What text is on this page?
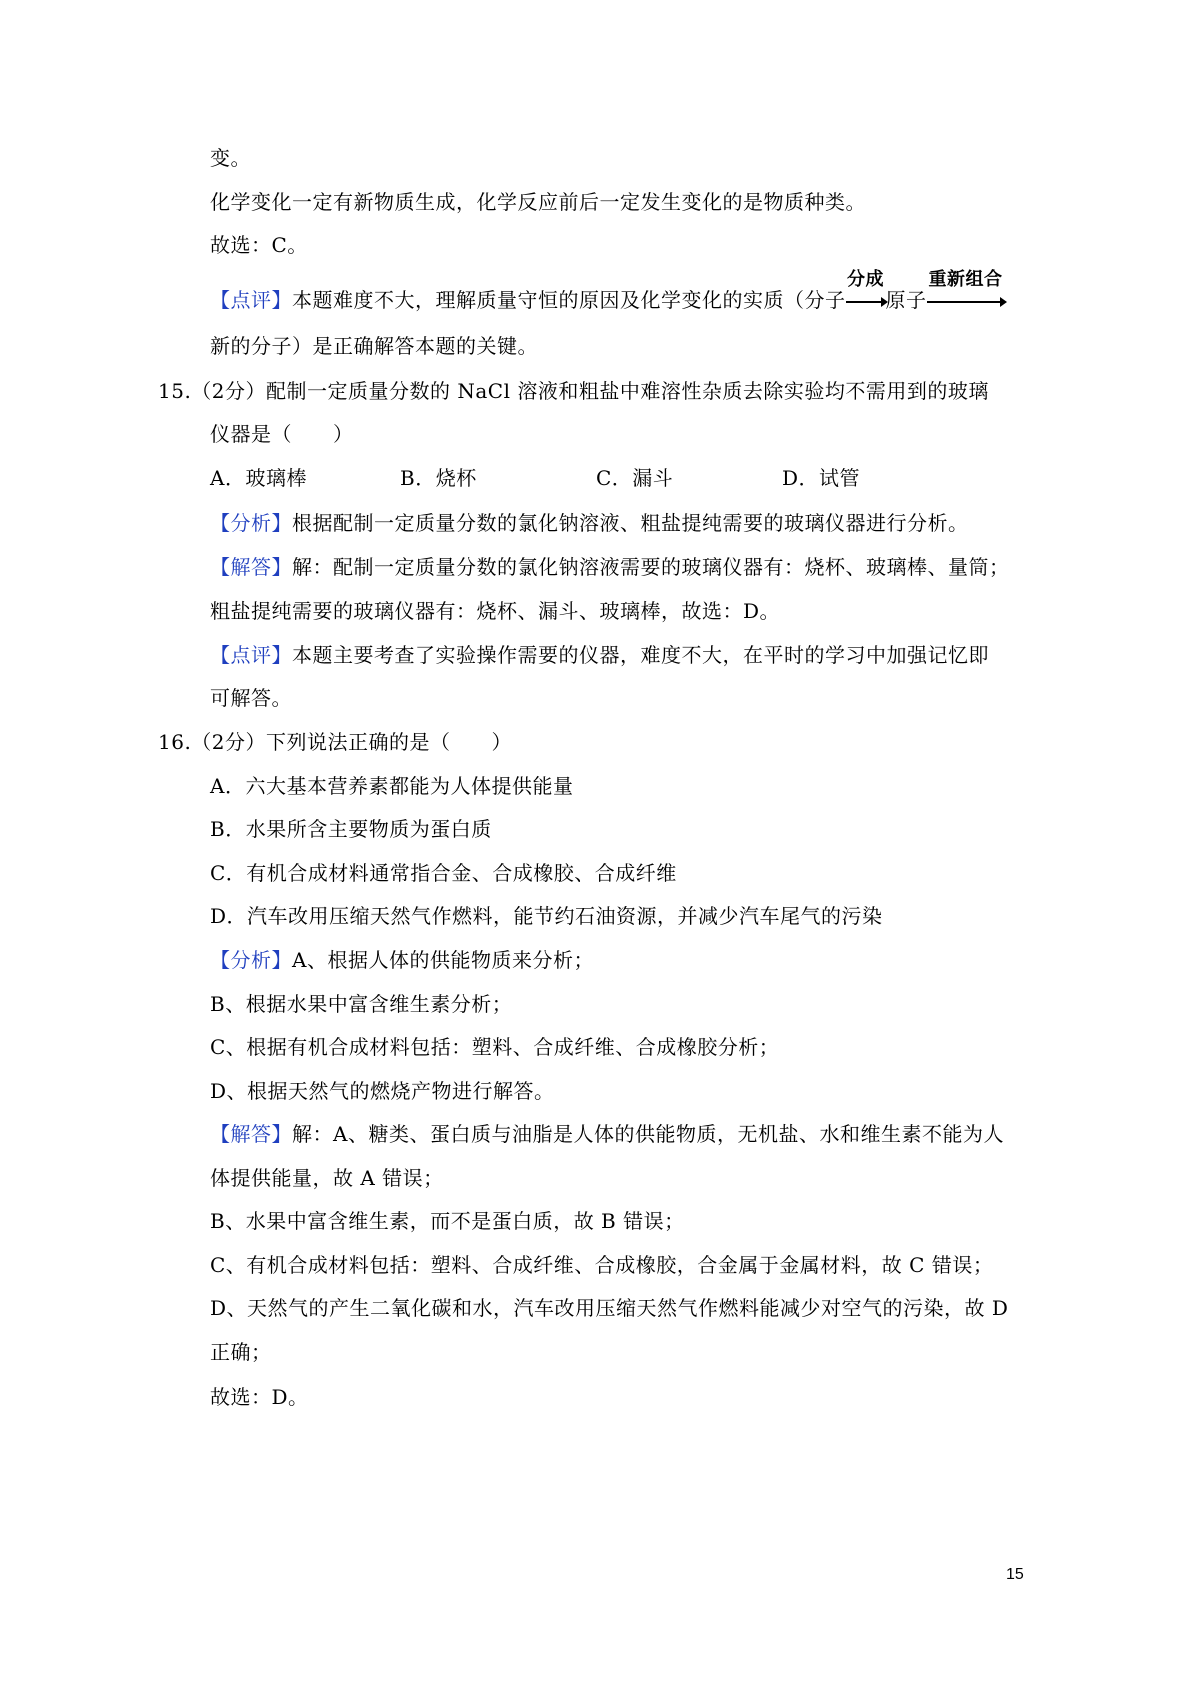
变。
化学变化一定有新物质生成，化学反应前后一定发生变化的是物质种类。
故选：C。
【点评】本题难度不大，理解质量守恒的原因及化学变化的实质（分子
分成
原子
重新组合
新的分子）是正确解答本题的关键。
15.（2分）配制一定质量分数的 NaCl 溶液和粗盐中难溶性杂质去除实验均不需用到的玻璃
仪器是（　　）
A．玻璃棒	B．烧杯	C．漏斗	D．试管
【分析】根据配制一定质量分数的氯化钠溶液、粗盐提纯需要的玻璃仪器进行分析。
【解答】解：配制一定质量分数的氯化钠溶液需要的玻璃仪器有：烧杯、玻璃棒、量筒；
粗盐提纯需要的玻璃仪器有：烧杯、漏斗、玻璃棒，故选：D。
【点评】本题主要考查了实验操作需要的仪器，难度不大，在平时的学习中加强记忆即
可解答。
16.（2分）下列说法正确的是（　　）
A．六大基本营养素都能为人体提供能量
B．水果所含主要物质为蛋白质
C．有机合成材料通常指合金、合成橡胶、合成纤维
D．汽车改用压缩天然气作燃料，能节约石油资源，并减少汽车尾气的污染
【分析】A、根据人体的供能物质来分析；
B、根据水果中富含维生素分析；
C、根据有机合成材料包括：塑料、合成纤维、合成橡胶分析；
D、根据天然气的燃烧产物进行解答。
【解答】解：A、糖类、蛋白质与油脂是人体的供能物质，无机盐、水和维生素不能为人
体提供能量，故 A 错误；
B、水果中富含维生素，而不是蛋白质，故 B 错误；
C、有机合成材料包括：塑料、合成纤维、合成橡胶，合金属于金属材料，故 C 错误；
D、天然气的产生二氧化碳和水，汽车改用压缩天然气作燃料能减少对空气的污染，故 D
正确；
故选：D。
15
